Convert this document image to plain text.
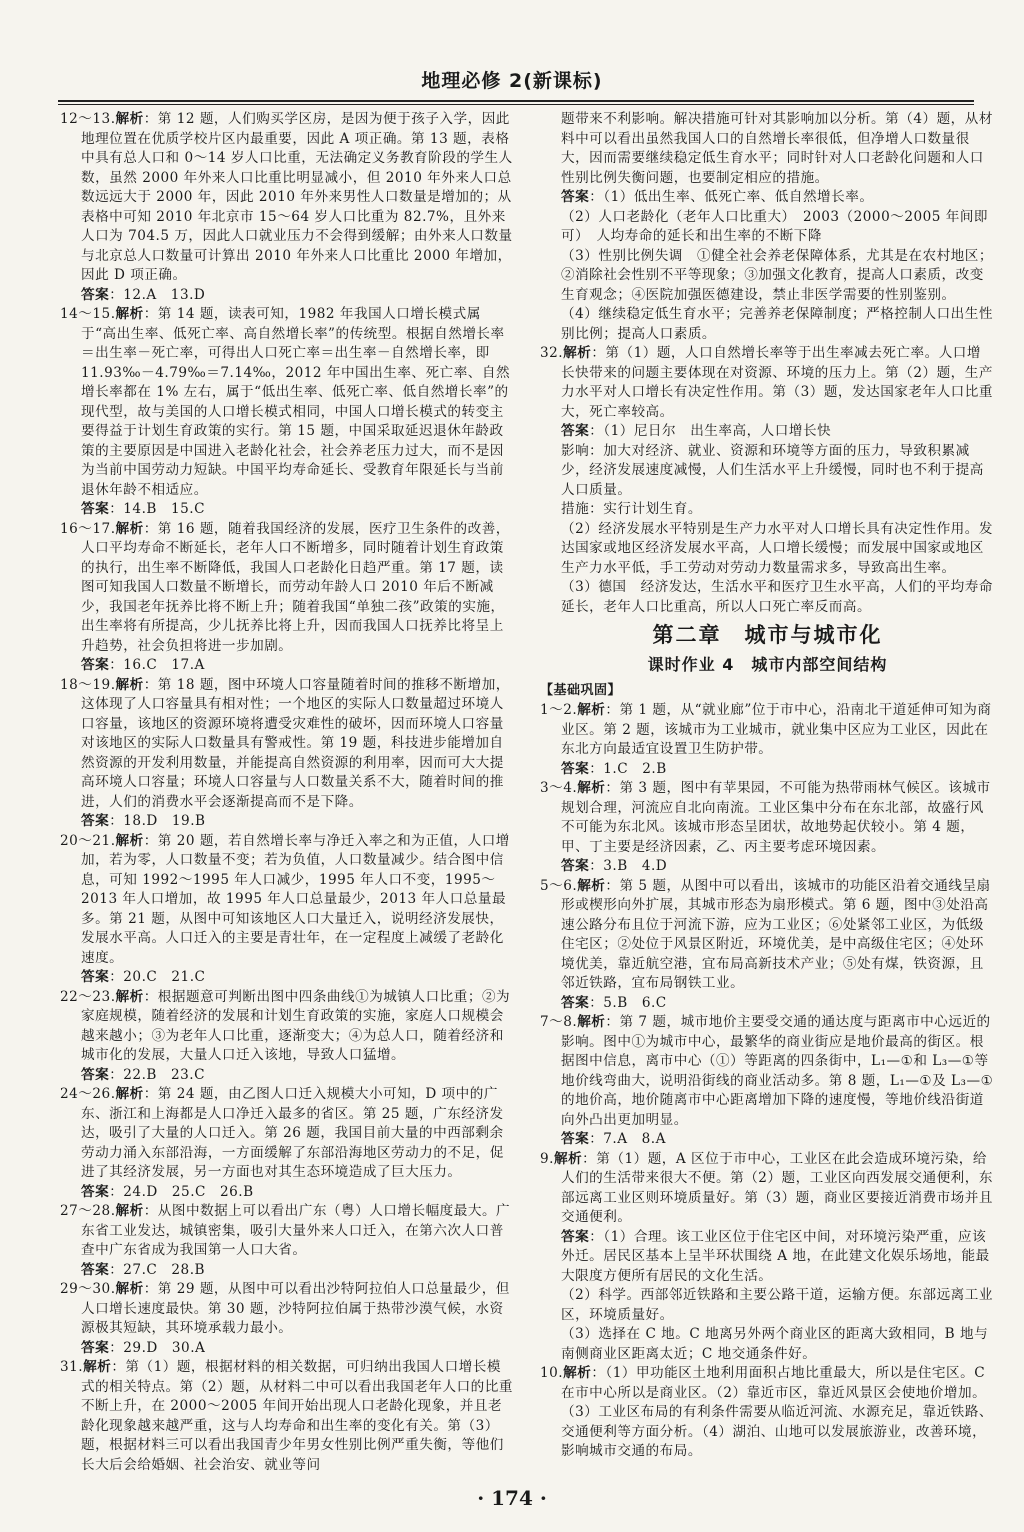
地理必修 2(新课标)

12～13.解析：第 12 题，人们购买学区房，是因为便于孩子入学，因此地理位置在优质学校片区内最重要，因此 A 项正确。第 13 题，表格中具有总人口和 0～14 岁人口比重，无法确定义务教育阶段的学生人数，虽然 2000 年外来人口比重比明显减小，但 2010 年外来人口总数远远大于 2000 年，因此 2010 年外来男性人口数量是增加的；从表格中可知 2010 年北京市 15～64 岁人口比重为 82.7%，且外来人口为 704.5 万，因此人口就业压力不会得到缓解；由外来人口数量与北京总人口数量可计算出 2010 年外来人口比重比 2000 年增加，因此 D 项正确。

答案：12.A　13.D

14～15.解析：第 14 题，读表可知，1982 年我国人口增长模式属于“高出生率、低死亡率、高自然增长率”的传统型。根据自然增长率＝出生率－死亡率，可得出人口死亡率＝出生率－自然增长率，即 11.93‰－4.79‰＝7.14‰，2012 年中国出生率、死亡率、自然增长率都在 1% 左右，属于“低出生率、低死亡率、低自然增长率”的现代型，故与美国的人口增长模式相同，中国人口增长模式的转变主要得益于计划生育政策的实行。第 15 题，中国采取延迟退休年龄政策的主要原因是中国进入老龄化社会，社会养老压力过大，而不是因为当前中国劳动力短缺。中国平均寿命延长、受教育年限延长与当前退休年龄不相适应。

答案：14.B　15.C

16～17.解析：第 16 题，随着我国经济的发展，医疗卫生条件的改善，人口平均寿命不断延长，老年人口不断增多，同时随着计划生育政策的执行，出生率不断降低，我国人口老龄化日趋严重。第 17 题，读图可知我国人口数量不断增长，而劳动年龄人口 2010 年后不断减少，我国老年抚养比将不断上升；随着我国“单独二孩”政策的实施，出生率将有所提高，少儿抚养比将上升，因而我国人口抚养比将呈上升趋势，社会负担将进一步加剧。

答案：16.C　17.A

18～19.解析：第 18 题，图中环境人口容量随着时间的推移不断增加，这体现了人口容量具有相对性；一个地区的实际人口数量超过环境人口容量，该地区的资源环境将遭受灾难性的破坏，因而环境人口容量对该地区的实际人口数量具有警戒性。第 19 题，科技进步能增加自然资源的开发利用数量，并能提高自然资源的利用率，因而可大大提高环境人口容量；环境人口容量与人口数量关系不大，随着时间的推进，人们的消费水平会逐渐提高而不是下降。

答案：18.D　19.B

20～21.解析：第 20 题，若自然增长率与净迁入率之和为正值，人口增加，若为零，人口数量不变；若为负值，人口数量减少。结合图中信息，可知 1992～1995 年人口减少，1995 年人口不变，1995～2013 年人口增加，故 1995 年人口总量最少，2013 年人口总量最多。第 21 题，从图中可知该地区人口大量迁入，说明经济发展快，发展水平高。人口迁入的主要是青壮年，在一定程度上减缓了老龄化速度。

答案：20.C　21.C

22～23.解析：根据题意可判断出图中四条曲线①为城镇人口比重；②为家庭规模，随着经济的发展和计划生育政策的实施，家庭人口规模会越来越小；③为老年人口比重，逐渐变大；④为总人口，随着经济和城市化的发展，大量人口迁入该地，导致人口猛增。

答案：22.B　23.C

24～26.解析：第 24 题，由乙图人口迁入规模大小可知，D 项中的广东、浙江和上海都是人口净迁入最多的省区。第 25 题，广东经济发达，吸引了大量的人口迁入。第 26 题，我国目前大量的中西部剩余劳动力涌入东部沿海，一方面缓解了东部沿海地区劳动力的不足，促进了其经济发展，另一方面也对其生态环境造成了巨大压力。

答案：24.D　25.C　26.B

27～28.解析：从图中数据上可以看出广东（粤）人口增长幅度最大。广东省工业发达，城镇密集，吸引大量外来人口迁入，在第六次人口普查中广东省成为我国第一人口大省。

答案：27.C　28.B

29～30.解析：第 29 题，从图中可以看出沙特阿拉伯人口总量最少，但人口增长速度最快。第 30 题，沙特阿拉伯属于热带沙漠气候，水资源极其短缺，其环境承载力最小。

答案：29.D　30.A

31.解析：第（1）题，根据材料的相关数据，可归纳出我国人口增长模式的相关特点。第（2）题，从材料二中可以看出我国老年人口的比重不断上升，在 2000～2005 年间开始出现人口老龄化现象，并且老龄化现象越来越严重，这与人均寿命和出生率的变化有关。第（3）题，根据材料三可以看出我国青少年男女性别比例严重失衡，等他们长大后会给婚姻、社会治安、就业等问

题带来不利影响。解决措施可针对其影响加以分析。第（4）题，从材料中可以看出虽然我国人口的自然增长率很低，但净增人口数量很大，因而需要继续稳定低生育水平；同时针对人口老龄化问题和人口性别比例失衡问题，也要制定相应的措施。

答案：（1）低出生率、低死亡率、低自然增长率。

（2）人口老龄化（老年人口比重大）　2003（2000～2005 年间即可）　人均寿命的延长和出生率的不断下降

（3）性别比例失调　①健全社会养老保障体系，尤其是在农村地区；②消除社会性别不平等现象；③加强文化教育，提高人口素质，改变生育观念；④医院加强医德建设，禁止非医学需要的性别鉴别。

（4）继续稳定低生育水平；完善养老保障制度；严格控制人口出生性别比例；提高人口素质。

32.解析：第（1）题，人口自然增长率等于出生率减去死亡率。人口增长快带来的问题主要体现在对资源、环境的压力上。第（2）题，生产力水平对人口增长有决定性作用。第（3）题，发达国家老年人口比重大，死亡率较高。

答案：（1）尼日尔　出生率高，人口增长快

影响：加大对经济、就业、资源和环境等方面的压力，导致积累减少，经济发展速度减慢，人们生活水平上升缓慢，同时也不利于提高人口质量。

措施：实行计划生育。

（2）经济发展水平特别是生产力水平对人口增长具有决定性作用。发达国家或地区经济发展水平高，人口增长缓慢；而发展中国家或地区生产力水平低，手工劳动对劳动力数量需求多，导致高出生率。

（3）德国　经济发达，生活水平和医疗卫生水平高，人们的平均寿命延长，老年人口比重高，所以人口死亡率反而高。

第二章　城市与城市化
课时作业 4　城市内部空间结构
【基础巩固】

1～2.解析：第 1 题，从“就业廊”位于市中心，沿南北干道延伸可知为商业区。第 2 题，该城市为工业城市，就业集中区应为工业区，因此在东北方向最适宜设置卫生防护带。

答案：1.C　2.B

3～4.解析：第 3 题，图中有苹果园，不可能为热带雨林气候区。该城市规划合理，河流应自北向南流。工业区集中分布在东北部，故盛行风不可能为东北风。该城市形态呈团状，故地势起伏较小。第 4 题，甲、丁主要是经济因素，乙、丙主要考虑环境因素。

答案：3.B　4.D

5～6.解析：第 5 题，从图中可以看出，该城市的功能区沿着交通线呈扇形或楔形向外扩展，其城市形态为扇形模式。第 6 题，图中③处沿高速公路分布且位于河流下游，应为工业区；⑥处紧邻工业区，为低级住宅区；②处位于风景区附近，环境优美，是中高级住宅区；④处环境优美，靠近航空港，宜布局高新技术产业；⑤处有煤，铁资源，且邻近铁路，宜布局钢铁工业。

答案：5.B　6.C

7～8.解析：第 7 题，城市地价主要受交通的通达度与距离市中心远近的影响。图中①为城市中心，最繁华的商业街应是地价最高的街区。根据图中信息，离市中心（①）等距离的四条街中，L₁—①和 L₃—①等地价线弯曲大，说明沿街线的商业活动多。第 8 题，L₁—①及 L₃—①的地价高，地价随离市中心距离增加下降的速度慢，等地价线沿街道向外凸出更加明显。

答案：7.A　8.A

9.解析：第（1）题，A 区位于市中心，工业区在此会造成环境污染，给人们的生活带来很大不便。第（2）题，工业区向西发展交通便利，东部远离工业区则环境质量好。第（3）题，商业区要接近消费市场并且交通便利。

答案：（1）合理。该工业区位于住宅区中间，对环境污染严重，应该外迁。居民区基本上呈半环状围绕 A 地，在此建文化娱乐场地，能最大限度方便所有居民的文化生活。

（2）科学。西部邻近铁路和主要公路干道，运输方便。东部远离工业区，环境质量好。

（3）选择在 C 地。C 地离另外两个商业区的距离大致相同，B 地与南侧商业区距离太近；C 地交通条件好。

10.解析：（1）甲功能区土地利用面积占地比重最大，所以是住宅区。C 在市中心所以是商业区。（2）靠近市区，靠近风景区会使地价增加。（3）工业区布局的有利条件需要从临近河流、水源充足，靠近铁路、交通便利等方面分析。（4）湖泊、山地可以发展旅游业，改善环境，影响城市交通的布局。

· 174 ·
